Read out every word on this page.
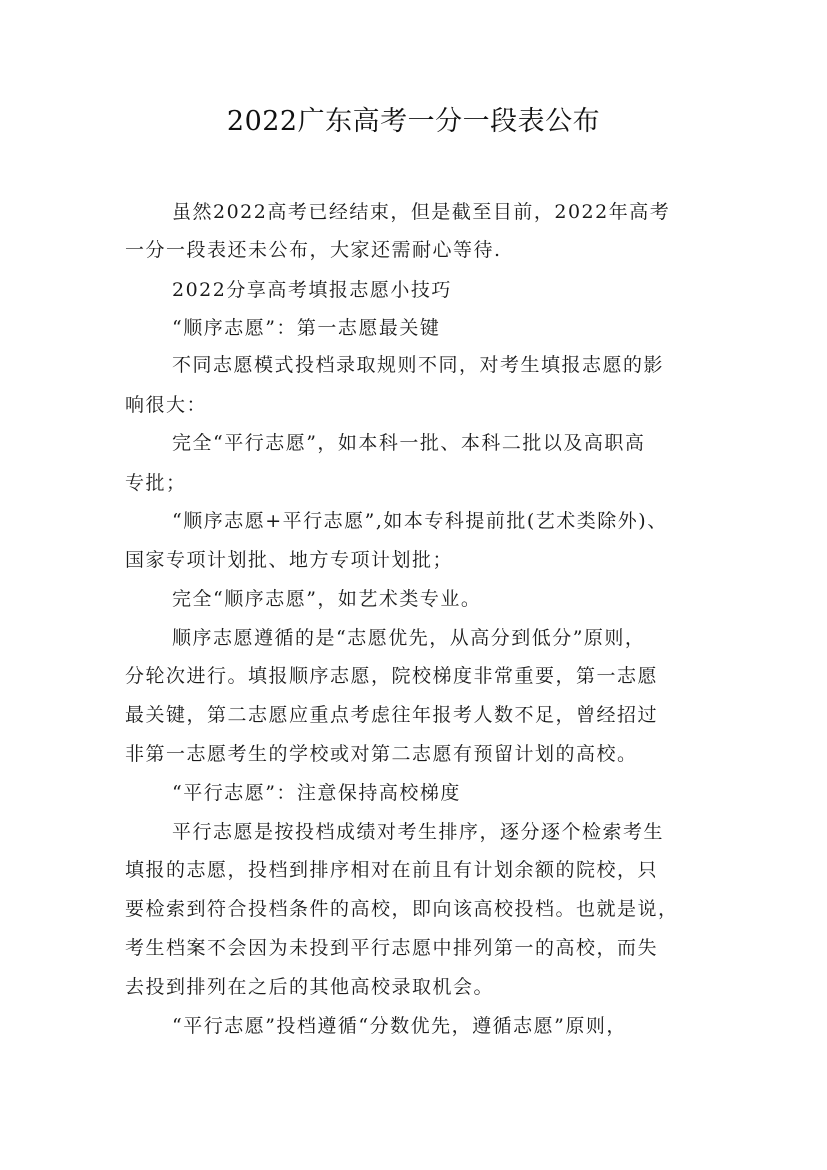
2022广东高考一分一段表公布
虽然2022高考已经结束，但是截至目前，2022年高考
一分一段表还未公布，大家还需耐心等待.
2022分享高考填报志愿小技巧
“顺序志愿”：第一志愿最关键
不同志愿模式投档录取规则不同，对考生填报志愿的影
响很大：
完全“平行志愿”，如本科一批、本科二批以及高职高
专批；
“顺序志愿+平行志愿”,如本专科提前批(艺术类除外)、
国家专项计划批、地方专项计划批；
完全“顺序志愿”，如艺术类专业。
顺序志愿遵循的是“志愿优先，从高分到低分”原则，
分轮次进行。填报顺序志愿，院校梯度非常重要，第一志愿
最关键，第二志愿应重点考虑往年报考人数不足，曾经招过
非第一志愿考生的学校或对第二志愿有预留计划的高校。
“平行志愿”：注意保持高校梯度
平行志愿是按投档成绩对考生排序，逐分逐个检索考生
填报的志愿，投档到排序相对在前且有计划余额的院校，只
要检索到符合投档条件的高校，即向该高校投档。也就是说，
考生档案不会因为未投到平行志愿中排列第一的高校，而失
去投到排列在之后的其他高校录取机会。
“平行志愿”投档遵循“分数优先，遵循志愿”原则，
